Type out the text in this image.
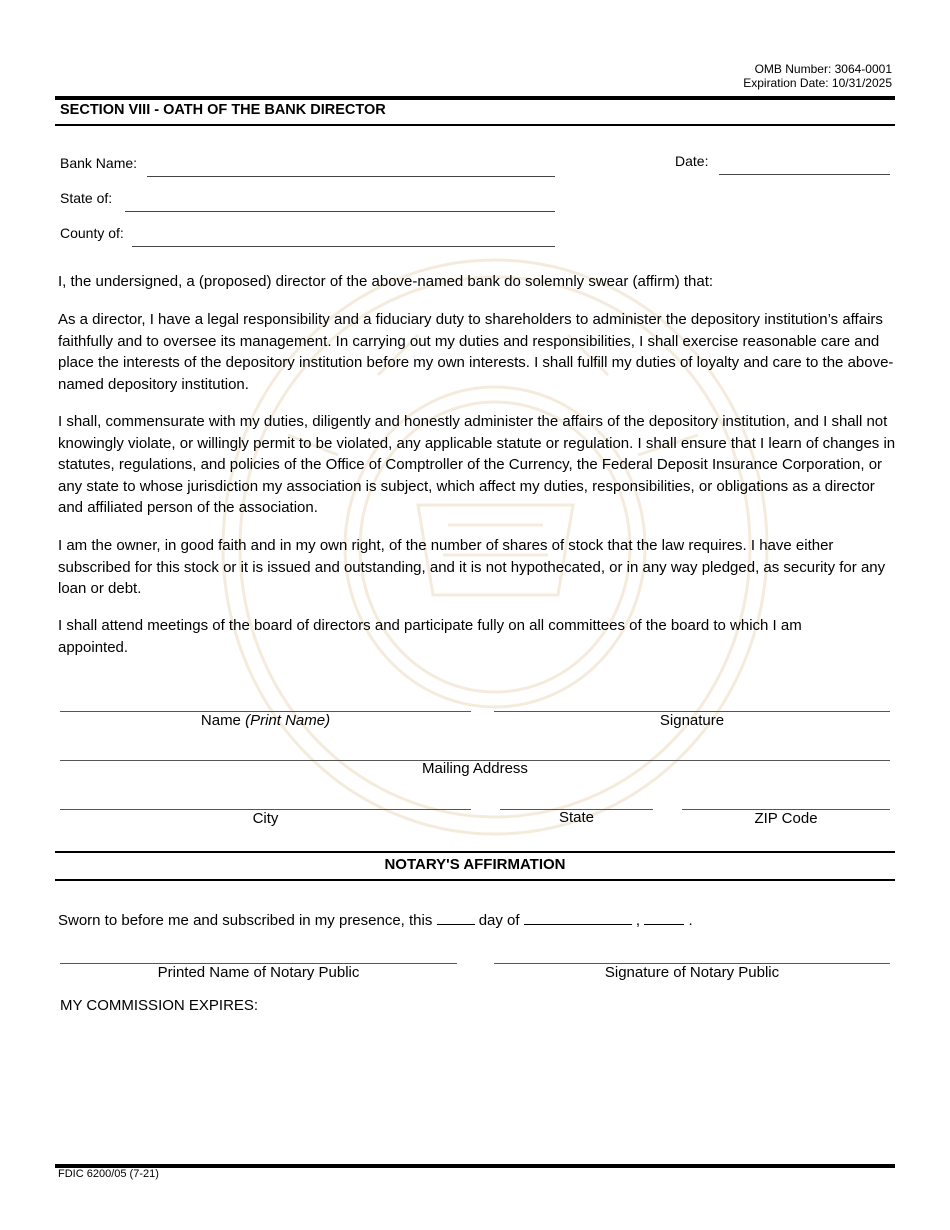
OMB Number: 3064-0001
Expiration Date: 10/31/2025
SECTION VIII - OATH OF THE BANK DIRECTOR
Bank Name:	Date:
State of:
County of:

I, the undersigned, a (proposed) director of the above-named bank do solemnly swear (affirm) that:

As a director, I have a legal responsibility and a fiduciary duty to shareholders to administer the depository institution’s affairs faithfully and to oversee its management. In carrying out my duties and responsibilities, I shall exercise reasonable care and place the interests of the depository institution before my own interests. I shall fulfill my duties of loyalty and care to the above-named depository institution.

I shall, commensurate with my duties, diligently and honestly administer the affairs of the depository institution, and I shall not knowingly violate, or willingly permit to be violated, any applicable statute or regulation. I shall ensure that I learn of changes in statutes, regulations, and policies of the Office of Comptroller of the Currency, the Federal Deposit Insurance Corporation, or any state to whose jurisdiction my association is subject, which affect my duties, responsibilities, or obligations as a director and affiliated person of the association.

I am the owner, in good faith and in my own right, of the number of shares of stock that the law requires. I have either subscribed for this stock or it is issued and outstanding, and it is not hypothecated, or in any way pledged, as security for any loan or debt.

I shall attend meetings of the board of directors and participate fully on all committees of the board to which I am appointed.

Name (Print Name)	Signature
Mailing Address
City	State	ZIP Code
NOTARY'S AFFIRMATION
Sworn to before me and subscribed in my presence, this	day of	,	.
Printed Name of Notary Public	Signature of Notary Public
MY COMMISSION EXPIRES:
FDIC 6200/05 (7-21)
